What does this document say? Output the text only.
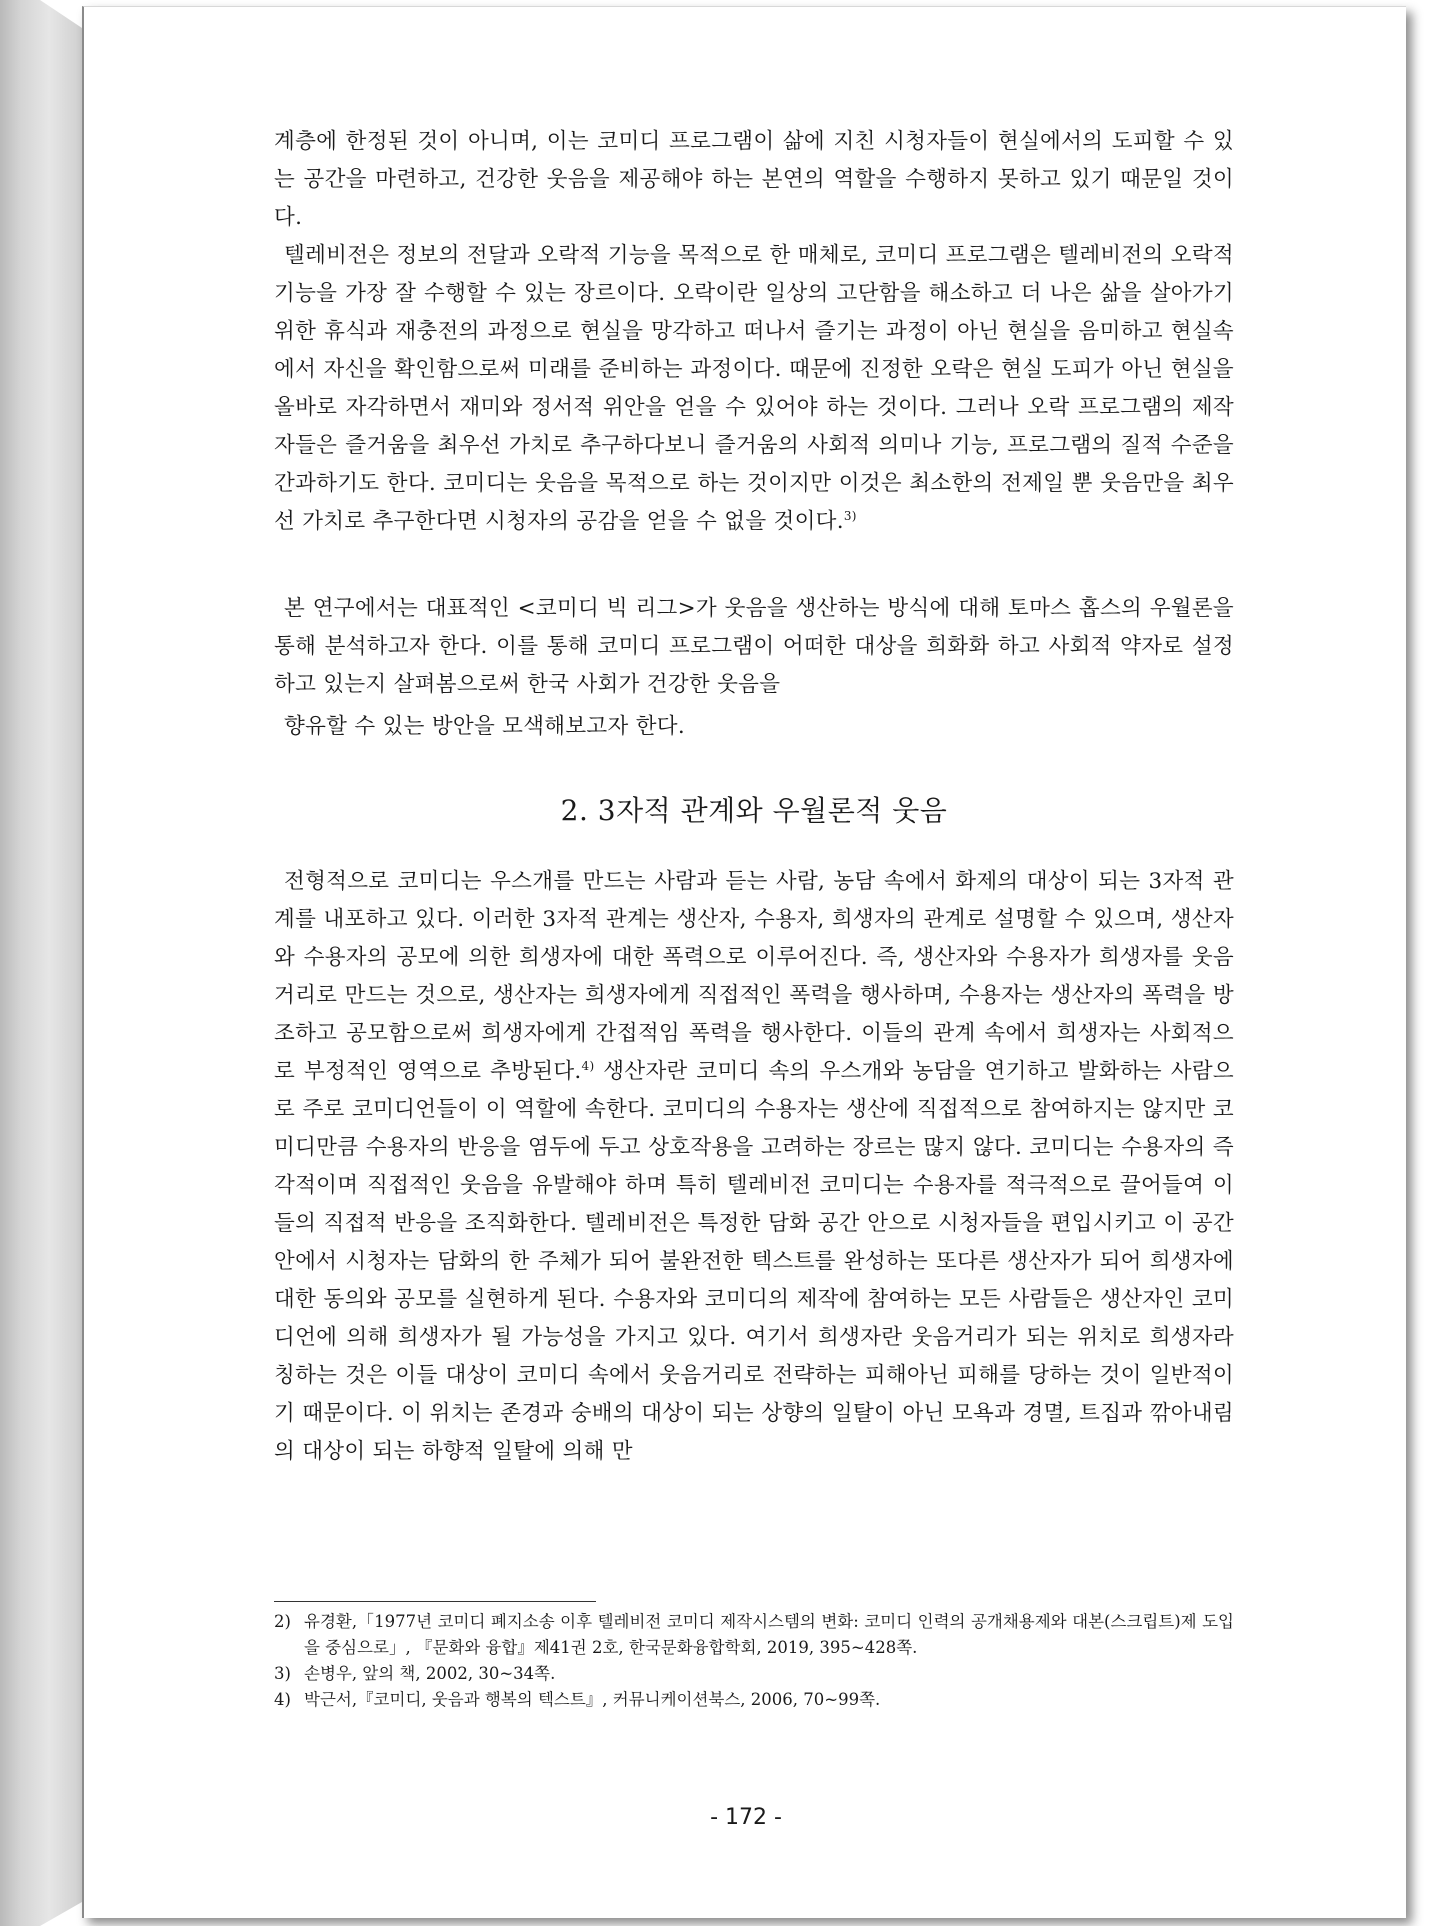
계층에 한정된 것이 아니며, 이는 코미디 프로그램이 삶에 지친 시청자들이 현실에서의 도피할 수 있는 공간을 마련하고, 건강한 웃음을 제공해야 하는 본연의 역할을 수행하지 못하고 있기 때문일 것이다.

텔레비전은 정보의 전달과 오락적 기능을 목적으로 한 매체로, 코미디 프로그램은 텔레비전의 오락적 기능을 가장 잘 수행할 수 있는 장르이다. 오락이란 일상의 고단함을 해소하고 더 나은 삶을 살아가기 위한 휴식과 재충전의 과정으로 현실을 망각하고 떠나서 즐기는 과정이 아닌 현실을 음미하고 현실속에서 자신을 확인함으로써 미래를 준비하는 과정이다. 때문에 진정한 오락은 현실 도피가 아닌 현실을 올바로 자각하면서 재미와 정서적 위안을 얻을 수 있어야 하는 것이다. 그러나 오락 프로그램의 제작자들은 즐거움을 최우선 가치로 추구하다보니 즐거움의 사회적 의미나 기능, 프로그램의 질적 수준을 간과하기도 한다. 코미디는 웃음을 목적으로 하는 것이지만 이것은 최소한의 전제일 뿐 웃음만을 최우선 가치로 추구한다면 시청자의 공감을 얻을 수 없을 것이다.$^{3)}$

본 연구에서는 대표적인 <코미디 빅 리그>가 웃음을 생산하는 방식에 대해 토마스 홉스의 우월론을 통해 분석하고자 한다. 이를 통해 코미디 프로그램이 어떠한 대상을 희화화 하고 사회적 약자로 설정하고 있는지 살펴봄으로써 한국 사회가 건강한 웃음을
향유할 수 있는 방안을 모색해보고자 한다.

2. 3자적 관계와 우월론적 웃음

전형적으로 코미디는 우스개를 만드는 사람과 듣는 사람, 농담 속에서 화제의 대상이 되는 3자적 관계를 내포하고 있다. 이러한 3자적 관계는 생산자, 수용자, 희생자의 관계로 설명할 수 있으며, 생산자와 수용자의 공모에 의한 희생자에 대한 폭력으로 이루어진다. 즉, 생산자와 수용자가 희생자를 웃음거리로 만드는 것으로, 생산자는 희생자에게 직접적인 폭력을 행사하며, 수용자는 생산자의 폭력을 방조하고 공모함으로써 희생자에게 간접적임 폭력을 행사한다. 이들의 관계 속에서 희생자는 사회적으로 부정적인 영역으로 추방된다.$^{4)}$ 생산자란 코미디 속의 우스개와 농담을 연기하고 발화하는 사람으로 주로 코미디언들이 이 역할에 속한다. 코미디의 수용자는 생산에 직접적으로 참여하지는 않지만 코미디만큼 수용자의 반응을 염두에 두고 상호작용을 고려하는 장르는 많지 않다. 코미디는 수용자의 즉각적이며 직접적인 웃음을 유발해야 하며 특히 텔레비전 코미디는 수용자를 적극적으로 끌어들여 이들의 직접적 반응을 조직화한다. 텔레비전은 특정한 담화 공간 안으로 시청자들을 편입시키고 이 공간 안에서 시청자는 담화의 한 주체가 되어 불완전한 텍스트를 완성하는 또다른 생산자가 되어 희생자에 대한 동의와 공모를 실현하게 된다. 수용자와 코미디의 제작에 참여하는 모든 사람들은 생산자인 코미디언에 의해 희생자가 될 가능성을 가지고 있다. 여기서 희생자란 웃음거리가 되는 위치로 희생자라 칭하는 것은 이들 대상이 코미디 속에서 웃음거리로 전략하는 피해아닌 피해를 당하는 것이 일반적이기 때문이다. 이 위치는 존경과 숭배의 대상이 되는 상향의 일탈이 아닌 모욕과 경멸, 트집과 깎아내림의 대상이 되는 하향적 일탈에 의해 만

2) 유경환,「1977년 코미디 폐지소송 이후 텔레비전 코미디 제작시스템의 변화: 코미디 인력의 공개채용제와 대본(스크립트)제 도입을 중심으로」, 『문화와 융합』제41권 2호, 한국문화융합학회, 2019, 395~428쪽.

3) 손병우, 앞의 책, 2002, 30~34쪽.

4) 박근서,『코미디, 웃음과 행복의 텍스트』, 커뮤니케이션북스, 2006, 70~99쪽.

- 172 -
